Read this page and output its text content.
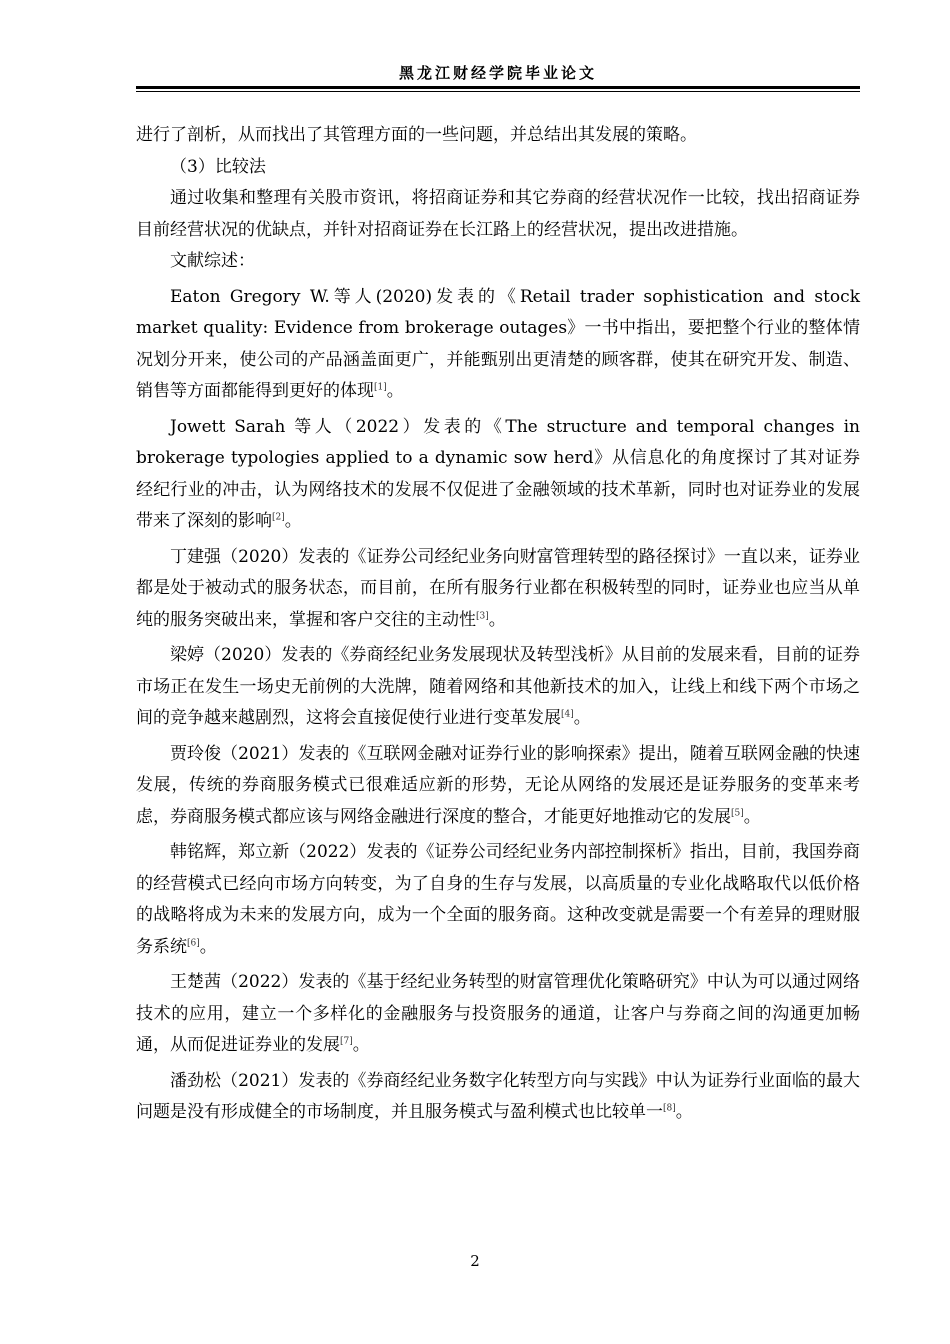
黑龙江财经学院毕业论文

进行了剖析，从而找出了其管理方面的一些问题，并总结出其发展的策略。

（3）比较法

通过收集和整理有关股市资讯，将招商证券和其它券商的经营状况作一比较，找出招商证券目前经营状况的优缺点，并针对招商证券在长江路上的经营状况，提出改进措施。

文献综述：

Eaton Gregory W.等人(2020)发表的《Retail trader sophistication and stock market quality: Evidence from brokerage outages》一书中指出，要把整个行业的整体情况划分开来，使公司的产品涵盖面更广，并能甄别出更清楚的顾客群，使其在研究开发、制造、销售等方面都能得到更好的体现[1]。

Jowett Sarah 等人（2022）发表的《The structure and temporal changes in brokerage typologies applied to a dynamic sow herd》从信息化的角度探讨了其对证券经纪行业的冲击，认为网络技术的发展不仅促进了金融领域的技术革新，同时也对证券业的发展带来了深刻的影响[2]。

丁建强（2020）发表的《证券公司经纪业务向财富管理转型的路径探讨》一直以来，证券业都是处于被动式的服务状态，而目前，在所有服务行业都在积极转型的同时，证券业也应当从单纯的服务突破出来，掌握和客户交往的主动性[3]。

梁婷（2020）发表的《券商经纪业务发展现状及转型浅析》从目前的发展来看，目前的证券市场正在发生一场史无前例的大洗牌，随着网络和其他新技术的加入，让线上和线下两个市场之间的竞争越来越剧烈，这将会直接促使行业进行变革发展[4]。

贾玲俊（2021）发表的《互联网金融对证券行业的影响探索》提出，随着互联网金融的快速发展，传统的券商服务模式已很难适应新的形势，无论从网络的发展还是证券服务的变革来考虑，券商服务模式都应该与网络金融进行深度的整合，才能更好地推动它的发展[5]。

韩铭辉，郑立新（2022）发表的《证券公司经纪业务内部控制探析》指出，目前，我国券商的经营模式已经向市场方向转变，为了自身的生存与发展，以高质量的专业化战略取代以低价格的战略将成为未来的发展方向，成为一个全面的服务商。这种改变就是需要一个有差异的理财服务系统[6]。

王楚茜（2022）发表的《基于经纪业务转型的财富管理优化策略研究》中认为可以通过网络技术的应用，建立一个多样化的金融服务与投资服务的通道，让客户与券商之间的沟通更加畅通，从而促进证券业的发展[7]。

潘劲松（2021）发表的《券商经纪业务数字化转型方向与实践》中认为证券行业面临的最大问题是没有形成健全的市场制度，并且服务模式与盈利模式也比较单一[8]。

2
